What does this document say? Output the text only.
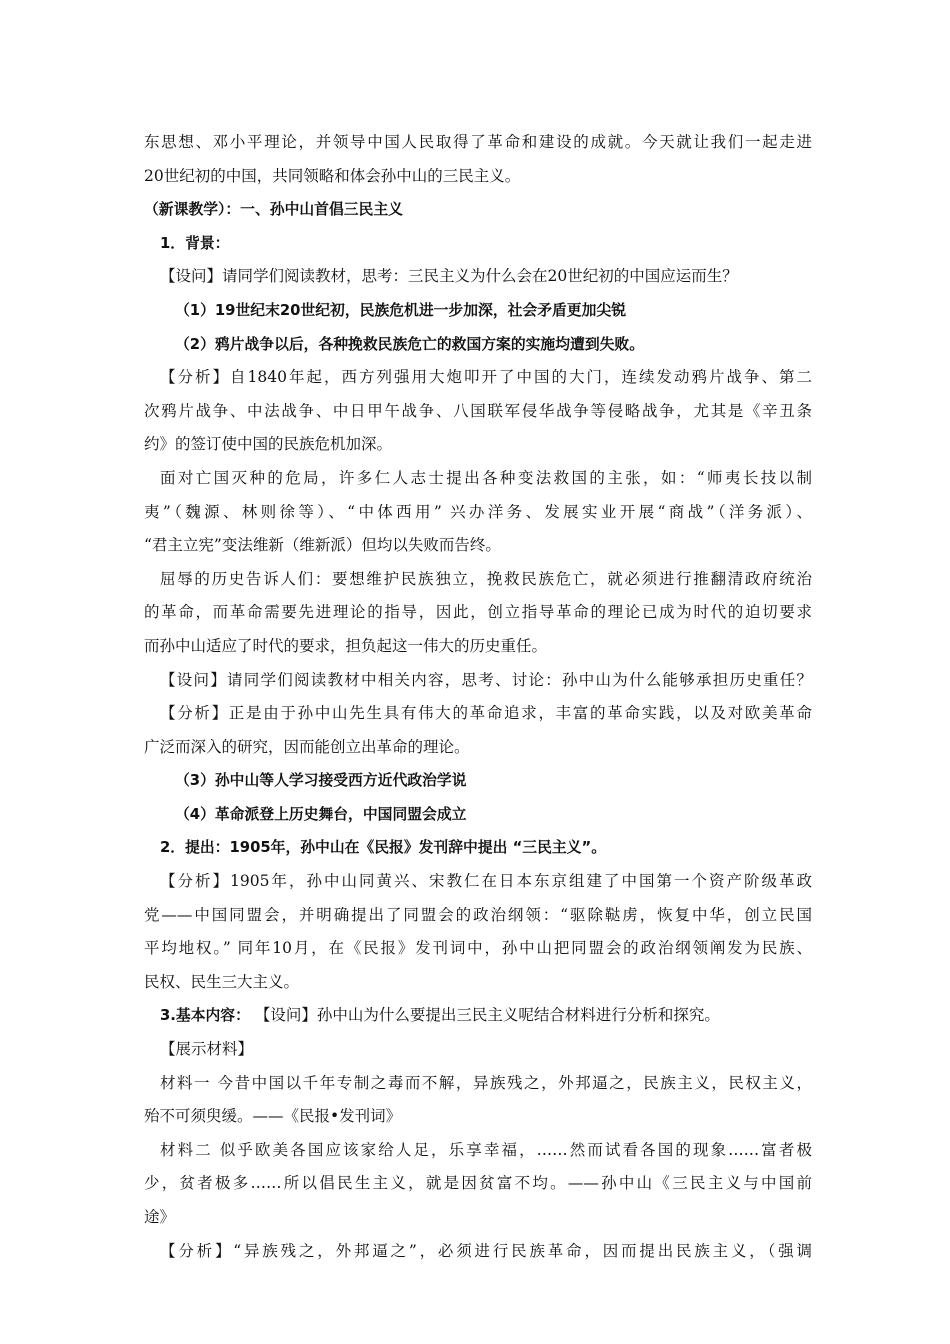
东思想、邓小平理论，并领导中国人民取得了革命和建设的成就。今天就让我们一起走进
20世纪初的中国，共同领略和体会孙中山的三民主义。
（新课教学）：一、孙中山首倡三民主义
1．背景：
【设问】请同学们阅读教材，思考：三民主义为什么会在20世纪初的中国应运而生？
（1）19世纪末20世纪初，民族危机进一步加深，社会矛盾更加尖锐
（2）鸦片战争以后，各种挽救民族危亡的救国方案的实施均遭到失败。
【分析】自1840年起，西方列强用大炮叩开了中国的大门，连续发动鸦片战争、第二
次鸦片战争、中法战争、中日甲午战争、八国联军侵华战争等侵略战争，尤其是《辛丑条
约》的签订使中国的民族危机加深。
面对亡国灭种的危局，许多仁人志士提出各种变法救国的主张，如：“师夷长技以制
夷”（魏源、林则徐等）、“中体西用” 兴办洋务、发展实业开展“商战”（洋务派）、
“君主立宪”变法维新（维新派）但均以失败而告终。
屈辱的历史告诉人们：要想维护民族独立，挽救民族危亡，就必须进行推翻清政府统治
的革命，而革命需要先进理论的指导，因此，创立指导革命的理论已成为时代的迫切要求
而孙中山适应了时代的要求，担负起这一伟大的历史重任。
【设问】请同学们阅读教材中相关内容，思考、讨论：孙中山为什么能够承担历史重任？
【分析】正是由于孙中山先生具有伟大的革命追求，丰富的革命实践，以及对欧美革命
广泛而深入的研究，因而能创立出革命的理论。
（3）孙中山等人学习接受西方近代政治学说
（4）革命派登上历史舞台，中国同盟会成立
2．提出：1905年，孙中山在《民报》发刊辞中提出 “三民主义”。
【分析】1905年，孙中山同黄兴、宋教仁在日本东京组建了中国第一个资产阶级革政
党——中国同盟会，并明确提出了同盟会的政治纲领：“驱除鞑虏，恢复中华，创立民国
平均地权。” 同年10月，在《民报》发刊词中，孙中山把同盟会的政治纲领阐发为民族、
民权、民生三大主义。
3.基本内容： 【设问】孙中山为什么要提出三民主义呢结合材料进行分析和探究。
【展示材料】
材料一 今昔中国以千年专制之毒而不解，异族残之，外邦逼之，民族主义，民权主义，
殆不可须臾缓。——《民报•发刊词》
材料二 似乎欧美各国应该家给人足，乐享幸福，……然而试看各国的现象……富者极
少，贫者极多……所以倡民生主义，就是因贫富不均。——孙中山《三民主义与中国前
途》
【分析】“异族残之，外邦逼之”，必须进行民族革命，因而提出民族主义，（强调
